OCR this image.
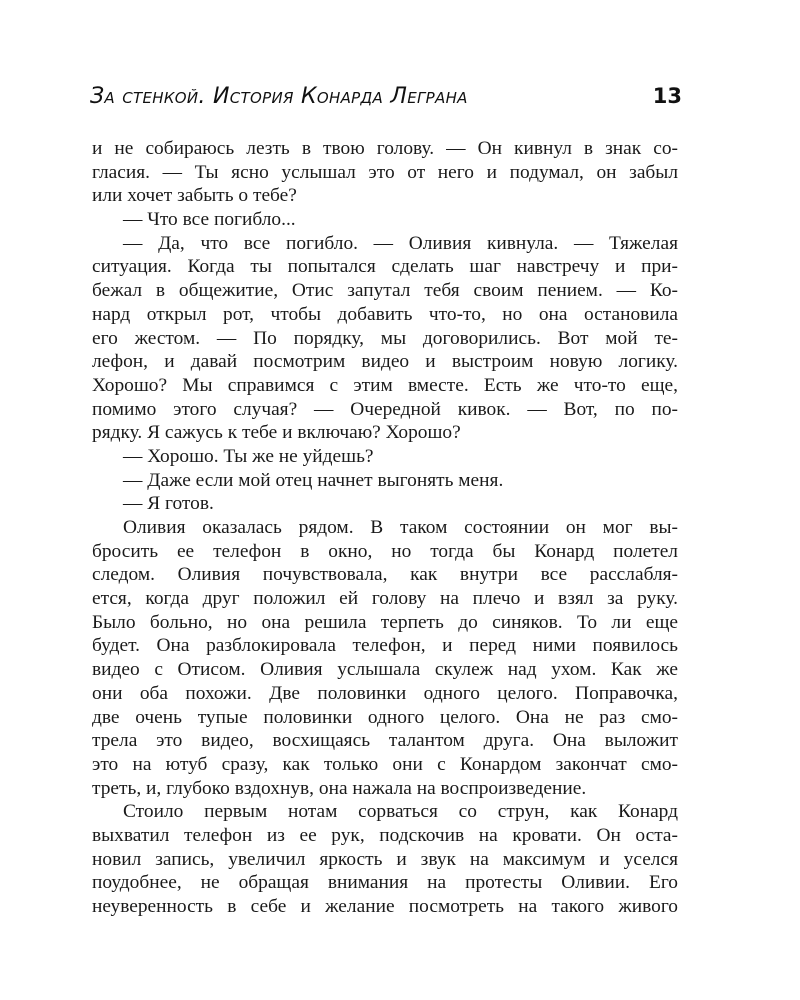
За стенкой. История Конарда Леграна	13
и не собираюсь лезть в твою голову. — Он кивнул в знак со-
гласия. — Ты ясно услышал это от него и подумал, он забыл
или хочет забыть о тебе?
— Что все погибло...
— Да, что все погибло. — Оливия кивнула. — Тяжелая
ситуация. Когда ты попытался сделать шаг навстречу и при-
бежал в общежитие, Отис запутал тебя своим пением. — Ко-
нард открыл рот, чтобы добавить что-то, но она остановила
его жестом. — По порядку, мы договорились. Вот мой те-
лефон, и давай посмотрим видео и выстроим новую логику.
Хорошо? Мы справимся с этим вместе. Есть же что-то еще,
помимо этого случая? — Очередной кивок. — Вот, по по-
рядку. Я сажусь к тебе и включаю? Хорошо?
— Хорошо. Ты же не уйдешь?
— Даже если мой отец начнет выгонять меня.
— Я готов.
Оливия оказалась рядом. В таком состоянии он мог вы-
бросить ее телефон в окно, но тогда бы Конард полетел
следом. Оливия почувствовала, как внутри все расслабля-
ется, когда друг положил ей голову на плечо и взял за руку.
Было больно, но она решила терпеть до синяков. То ли еще
будет. Она разблокировала телефон, и перед ними появилось
видео с Отисом. Оливия услышала скулеж над ухом. Как же
они оба похожи. Две половинки одного целого. Поправочка,
две очень тупые половинки одного целого. Она не раз смо-
трела это видео, восхищаясь талантом друга. Она выложит
это на ютуб сразу, как только они с Конардом закончат смо-
треть, и, глубоко вздохнув, она нажала на воспроизведение.
Стоило первым нотам сорваться со струн, как Конард
выхватил телефон из ее рук, подскочив на кровати. Он оста-
новил запись, увеличил яркость и звук на максимум и уселся
поудобнее, не обращая внимания на протесты Оливии. Его
неуверенность в себе и желание посмотреть на такого живого
